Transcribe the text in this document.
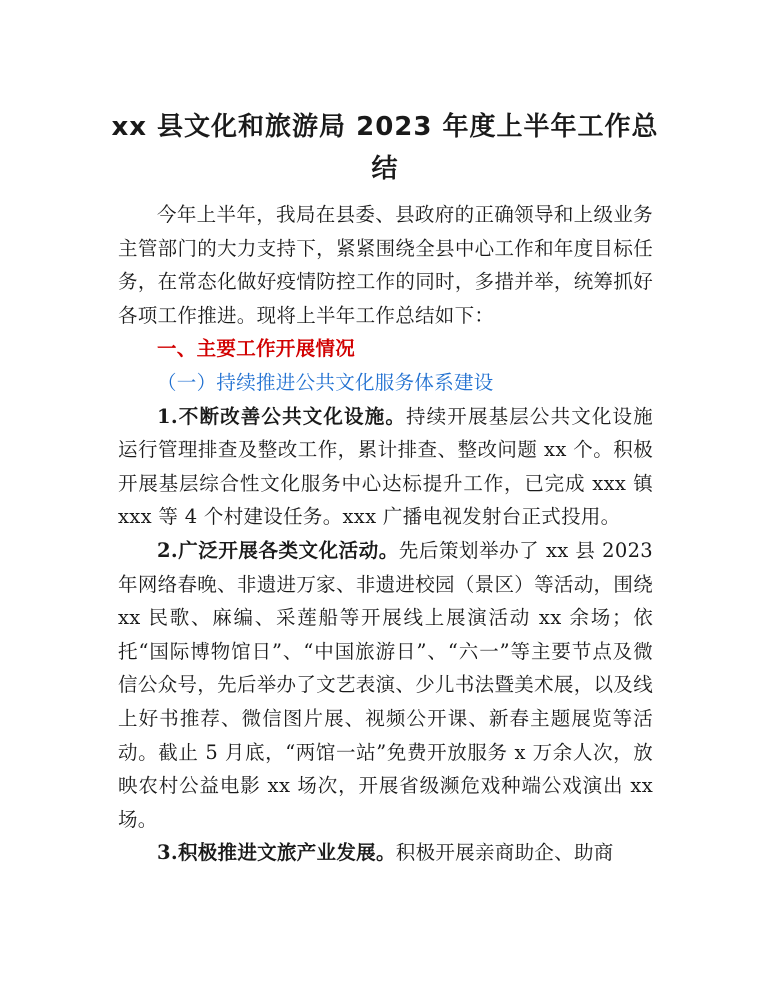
xx 县文化和旅游局 2023 年度上半年工作总结

今年上半年，我局在县委、县政府的正确领导和上级业务主管部门的大力支持下，紧紧围绕全县中心工作和年度目标任务，在常态化做好疫情防控工作的同时，多措并举，统筹抓好各项工作推进。现将上半年工作总结如下：

一、主要工作开展情况

（一）持续推进公共文化服务体系建设

1.不断改善公共文化设施。持续开展基层公共文化设施运行管理排查及整改工作，累计排查、整改问题 xx 个。积极开展基层综合性文化服务中心达标提升工作，已完成 xxx 镇 xxx 等 4 个村建设任务。xxx 广播电视发射台正式投用。

2.广泛开展各类文化活动。先后策划举办了 xx 县 2023 年网络春晚、非遗进万家、非遗进校园（景区）等活动，围绕 xx 民歌、麻编、采莲船等开展线上展演活动 xx 余场；依托“国际博物馆日”、“中国旅游日”、“六一”等主要节点及微信公众号，先后举办了文艺表演、少儿书法暨美术展，以及线上好书推荐、微信图片展、视频公开课、新春主题展览等活动。截止 5 月底，“两馆一站”免费开放服务 x 万余人次，放映农村公益电影 xx 场次，开展省级濒危戏种端公戏演出 xx 场。

3.积极推进文旅产业发展。积极开展亲商助企、助商
